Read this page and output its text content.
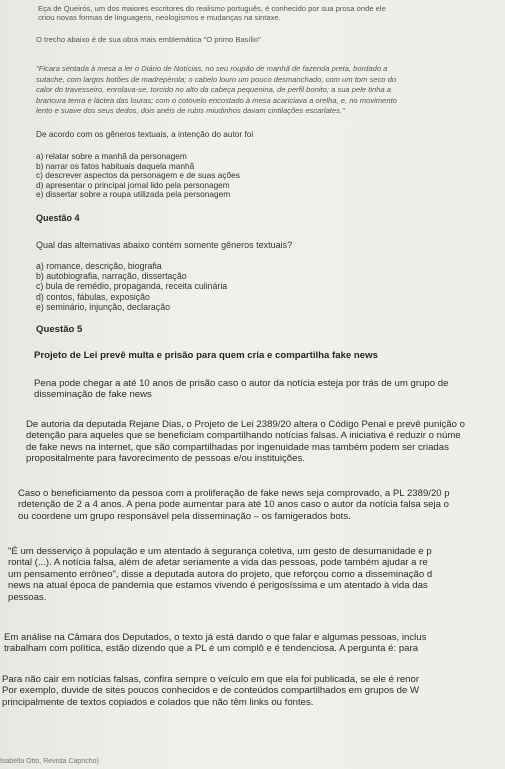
Eça de Queirós, um dos maiores escritores do realismo português, é conhecido por sua prosa onde ele
criou novas formas de linguagens, neologismos e mudanças na sintaxe.
O trecho abaixo é de sua obra mais emblemática "O primo Basílio"
"Ficara sentada à mesa a ler o Diário de Notícias, no seu roupão de manhã de fazenda preta, bordado a
sutache, com largos botões de madrepérola; o cabelo louro um pouco desmanchado, com um tom seco do
calor do travesseiro, enrolava-se, torcido no alto da cabeça pequenina, de perfil bonito; a sua pele tinha a
brancura tenra e láctea das louras; com o cotovelo encostado à mesa acariciava a orelha, e, no movimento
lento e suave dos seus dedos, dois anéis de rubis miudinhos davam cintilações escarlates."
De acordo com os gêneros textuais, a intenção do autor foi
a) relatar sobre a manhã da personagem
b) narrar os fatos habituais daquela manhã
c) descrever aspectos da personagem e de suas ações
d) apresentar o principal jornal lido pela personagem
e) dissertar sobre a roupa utilizada pela personagem
Questão 4
Qual das alternativas abaixo contém somente gêneros textuais?
a) romance, descrição, biografia
b) autobiografia, narração, dissertação
c) bula de remédio, propaganda, receita culinária
d) contos, fábulas, exposição
e) seminário, injunção, declaração
Questão 5
Projeto de Lei prevê multa e prisão para quem cria e compartilha fake news
Pena pode chegar a até 10 anos de prisão caso o autor da notícia esteja por trás de um grupo de
disseminação de fake news
De autoria da deputada Rejane Dias, o Projeto de Lei 2389/20 altera o Código Penal e prevê punição o
detenção para aqueles que se beneficiam compartilhando notícias falsas. A iniciativa é reduzir o núme
de fake news na internet, que são compartilhadas por ingenuidade mas também podem ser criadas
propositalmente para favorecimento de pessoas e/ou instituições.
Caso o beneficiamento da pessoa com a proliferação de fake news seja comprovado, a PL 2389/20 p
rdetenção de 2 a 4 anos. A pena pode aumentar para até 10 anos caso o autor da notícia falsa seja o
ou coordene um grupo responsável pela disseminação – os famigerados bots.
"É um desserviço à população e um atentado à segurança coletiva, um gesto de desumanidade e p
rontal (...). A notícia falsa, além de afetar seriamente a vida das pessoas, pode também ajudar a re
um pensamento errôneo", disse a deputada autora do projeto, que reforçou como a disseminação d
news na atual época de pandemia que estamos vivendo é perigosíssima e um atentado à vida das
pessoas.
Em análise na Câmara dos Deputados, o texto já está dando o que falar e algumas pessoas, inclus
trabalham com política, estão dizendo que a PL é um complô e é tendenciosa. A pergunta é: para
Para não cair em notícias falsas, confira sempre o veículo em que ela foi publicada, se ele é renor
Por exemplo, duvide de sites poucos conhecidos e de conteúdos compartilhados em grupos de W
principalmente de textos copiados e colados que não têm links ou fontes.
Isabella Otto, Revista Capricho)
